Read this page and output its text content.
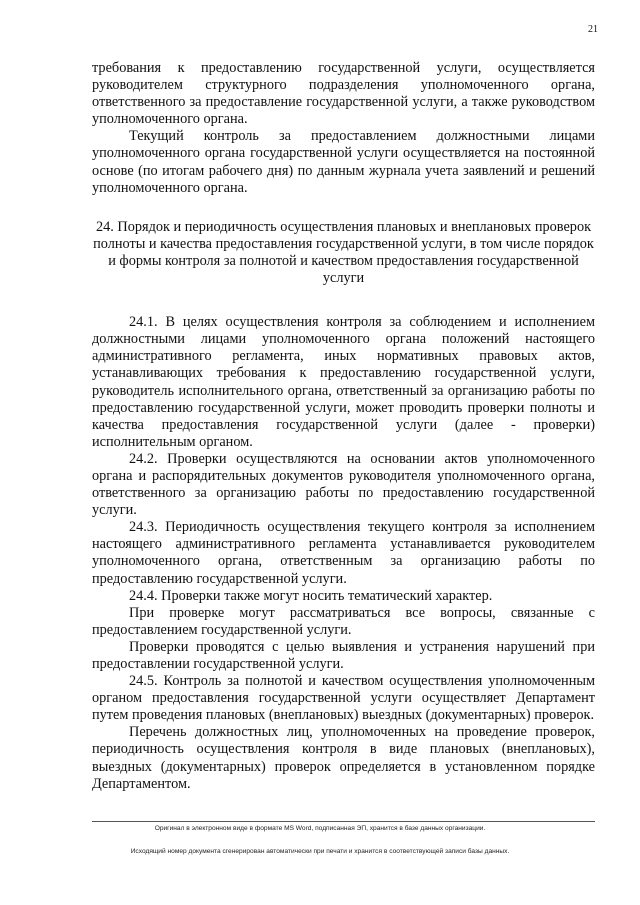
21

требования к предоставлению государственной услуги, осуществляется руководителем структурного подразделения уполномоченного органа, ответственного за предоставление государственной услуги, а также руководством уполномоченного органа.

Текущий контроль за предоставлением должностными лицами уполномоченного органа государственной услуги осуществляется на постоянной основе (по итогам рабочего дня) по данным журнала учета заявлений и решений уполномоченного органа.

24. Порядок и периодичность осуществления плановых и внеплановых проверок полноты и качества предоставления государственной услуги, в том числе порядок и формы контроля за полнотой и качеством предоставления государственной услуги

24.1. В целях осуществления контроля за соблюдением и исполнением должностными лицами уполномоченного органа положений настоящего административного регламента, иных нормативных правовых актов, устанавливающих требования к предоставлению государственной услуги, руководитель исполнительного органа, ответственный за организацию работы по предоставлению государственной услуги, может проводить проверки полноты и качества предоставления государственной услуги (далее - проверки) исполнительным органом.

24.2. Проверки осуществляются на основании актов уполномоченного органа и распорядительных документов руководителя уполномоченного органа, ответственного за организацию работы по предоставлению государственной услуги.

24.3. Периодичность осуществления текущего контроля за исполнением настоящего административного регламента устанавливается руководителем уполномоченного органа, ответственным за организацию работы по предоставлению государственной услуги.

24.4. Проверки также могут носить тематический характер.

При проверке могут рассматриваться все вопросы, связанные с предоставлением государственной услуги.

Проверки проводятся с целью выявления и устранения нарушений при предоставлении государственной услуги.

24.5. Контроль за полнотой и качеством осуществления уполномоченным органом предоставления государственной услуги осуществляет Департамент путем проведения плановых (внеплановых) выездных (документарных) проверок.

Перечень должностных лиц, уполномоченных на проведение проверок, периодичность осуществления контроля в виде плановых (внеплановых), выездных (документарных) проверок определяется в установленном порядке Департаментом.

Оригинал в электронном виде в формате MS Word, подписанная ЭП, хранится в базе данных организации.
Исходящий номер документа сгенерирован автоматически при печати и хранится в соответствующей записи базы данных.
